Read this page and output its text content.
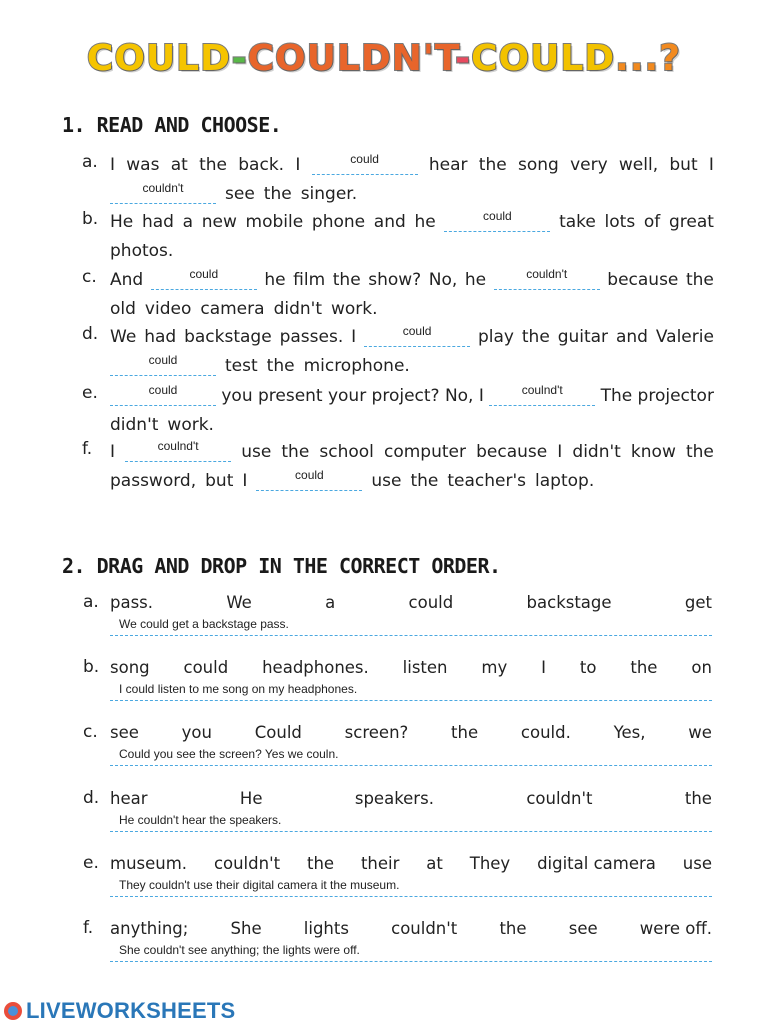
COULD-COULDN'T-COULD...?
1. READ AND CHOOSE.
a. I was at the back. I	could	hear the song very well, but I
couldn't	see the singer.
b. He had a new mobile phone and he	could	take lots of great
photos.
c. And	could	he film the show? No, he	couldn't	because the
old video camera didn't work.
d. We had backstage passes. I	could	play the guitar and Valerie
could	test the microphone.
e.	could	you present your project? No, I	coulnd't	The projector
didn't work.
f. I	coulnd't	use the school computer because I didn't know the
password, but I	could	use the teacher's laptop.
2. DRAG AND DROP IN THE CORRECT ORDER.
a. pass.	We	a	could	backstage	get
We could get a backstage pass.
b. song could headphones. listen my I to the on
I could listen to me song on my headphones.
c. see	you	Could	screen?	the	could.	Yes,	we
Could you see the screen? Yes we couln.
d. hear	He	speakers.	couldn't	the
He couldn't hear the speakers.
e. museum. couldn't the their at They digital camera use
They couldn't use their digital camera it the museum.
f. anything;	She	lights	couldn't	the	see	were off.
She couldn't see anything; the lights were off.
LIVEWORKSHEETS
